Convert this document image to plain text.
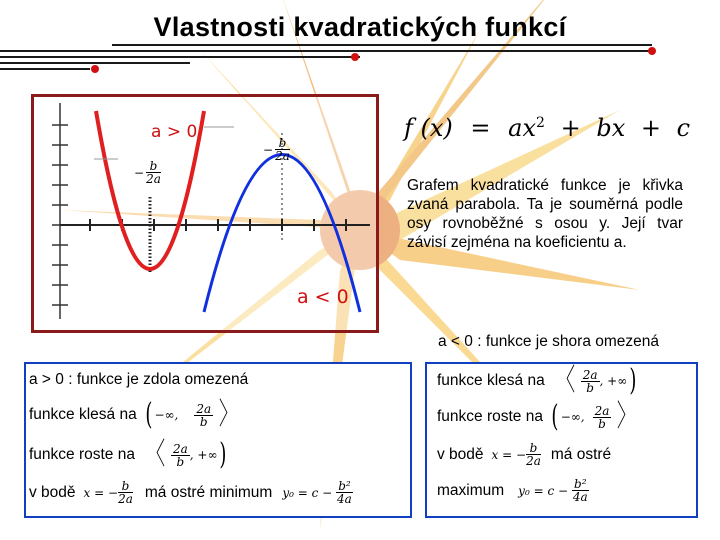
Vlastnosti kvadratických funkcí
a > 0
a < 0
− $\frac{b}{2a}$
− $\frac{b}{2a}$
f $(x) = ax^2$ + bx + c
Grafem kvadratické funkce je křivka zvaná parabola. Ta je souměrná podle osy rovnoběžné s osou y. Její tvar závisí zejména na koeficientu a.
a < 0 : funkce je shora omezená
a > 0 : funkce je zdola omezená
funkce klesá na ( −∞, $\frac{2a}{b}$ 〉
funkce roste na 〈 $\frac{2a}{b}$ , +∞ )
v bodě x = − $\frac{b}{2a}$ má ostré minimum $y_0 = c - \frac{\text{b²}}{4a}$
funkce klesá na 〈 $\frac{2a}{b}$ , +∞ )
funkce roste na ( −∞, $\frac{2a}{b}$ 〉
v bodě x = − $\frac{b}{2a}$ má ostré
maximum $y_0 = c - \frac{\text{b²}}{4a}$
